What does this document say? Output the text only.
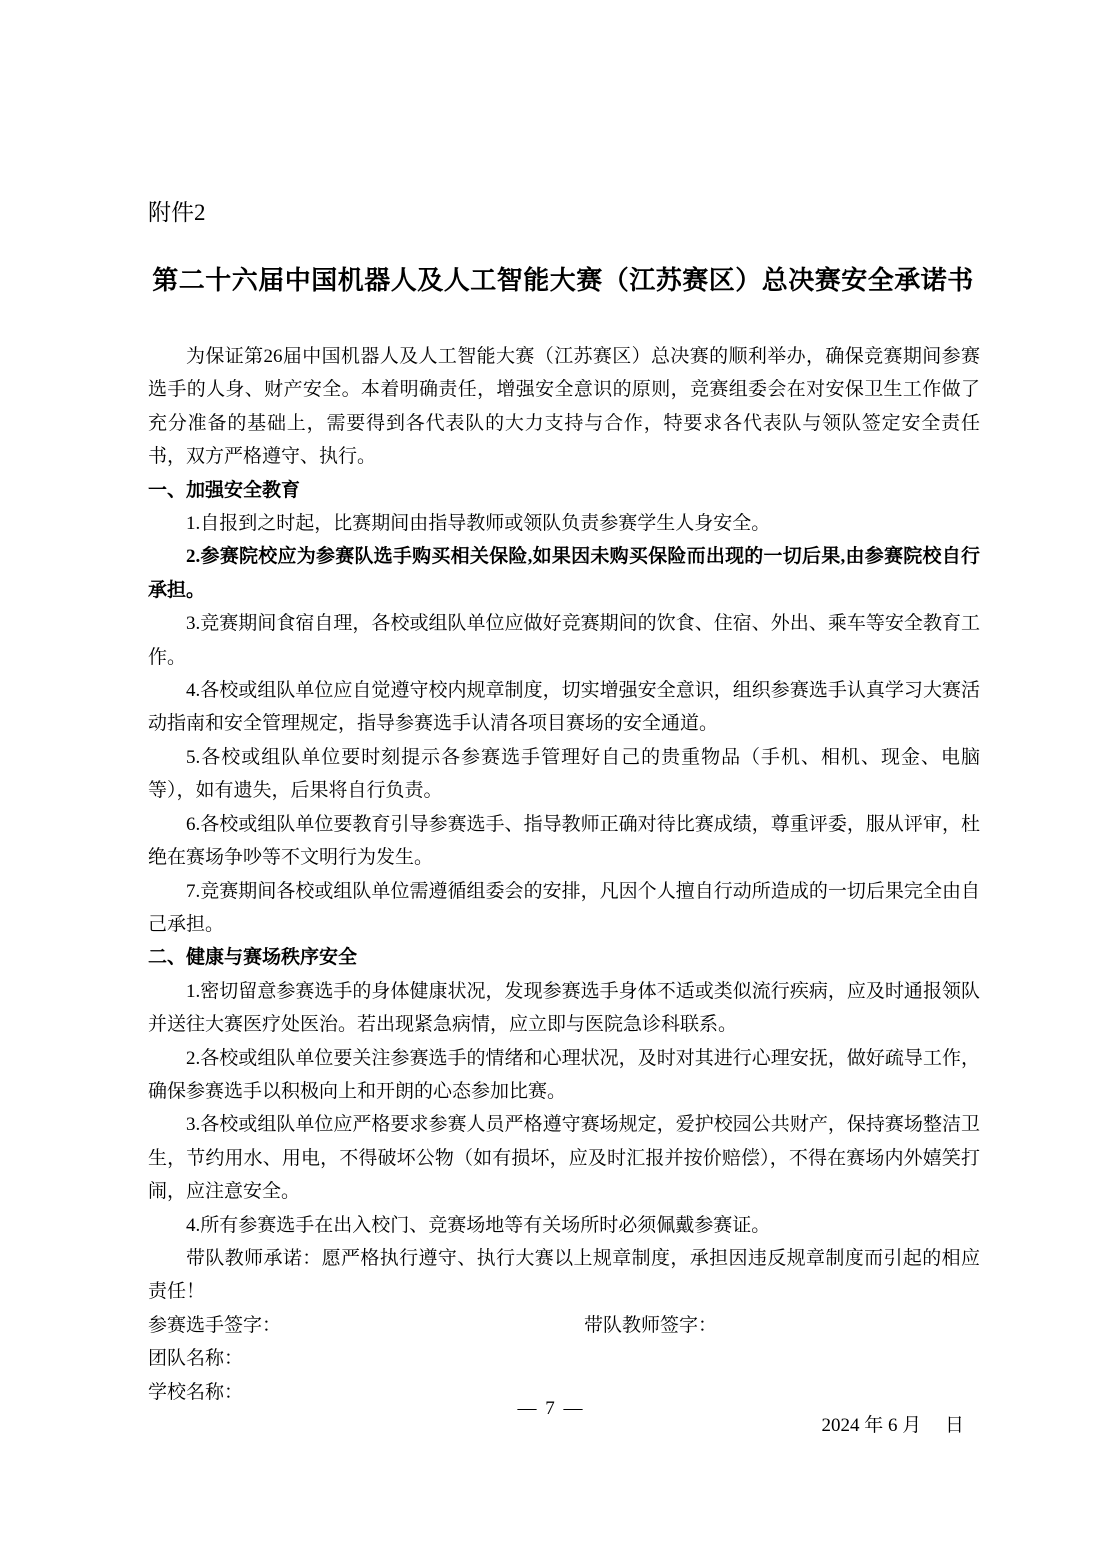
附件2
第二十六届中国机器人及人工智能大赛（江苏赛区）总决赛安全承诺书

为保证第26届中国机器人及人工智能大赛（江苏赛区）总决赛的顺利举办，确保竞赛期间参赛选手的人身、财产安全。本着明确责任，增强安全意识的原则，竞赛组委会在对安保卫生工作做了充分准备的基础上，需要得到各代表队的大力支持与合作，特要求各代表队与领队签定安全责任书，双方严格遵守、执行。

一、加强安全教育

1.自报到之时起，比赛期间由指导教师或领队负责参赛学生人身安全。

2.参赛院校应为参赛队选手购买相关保险,如果因未购买保险而出现的一切后果,由参赛院校自行承担。

3.竞赛期间食宿自理，各校或组队单位应做好竞赛期间的饮食、住宿、外出、乘车等安全教育工作。

4.各校或组队单位应自觉遵守校内规章制度，切实增强安全意识，组织参赛选手认真学习大赛活动指南和安全管理规定，指导参赛选手认清各项目赛场的安全通道。

5.各校或组队单位要时刻提示各参赛选手管理好自己的贵重物品（手机、相机、现金、电脑等），如有遗失，后果将自行负责。

6.各校或组队单位要教育引导参赛选手、指导教师正确对待比赛成绩，尊重评委，服从评审，杜绝在赛场争吵等不文明行为发生。

7.竞赛期间各校或组队单位需遵循组委会的安排，凡因个人擅自行动所造成的一切后果完全由自己承担。

二、健康与赛场秩序安全

1.密切留意参赛选手的身体健康状况，发现参赛选手身体不适或类似流行疾病，应及时通报领队并送往大赛医疗处医治。若出现紧急病情，应立即与医院急诊科联系。

2.各校或组队单位要关注参赛选手的情绪和心理状况，及时对其进行心理安抚，做好疏导工作，确保参赛选手以积极向上和开朗的心态参加比赛。

3.各校或组队单位应严格要求参赛人员严格遵守赛场规定，爱护校园公共财产，保持赛场整洁卫生，节约用水、用电，不得破坏公物（如有损坏，应及时汇报并按价赔偿），不得在赛场内外嬉笑打闹，应注意安全。

4.所有参赛选手在出入校门、竞赛场地等有关场所时必须佩戴参赛证。

带队教师承诺：愿严格执行遵守、执行大赛以上规章制度，承担因违反规章制度而引起的相应责任！

参赛选手签字：	带队教师签字：

团队名称：

学校名称：

2024 年 6 月　 日

— 7 —
